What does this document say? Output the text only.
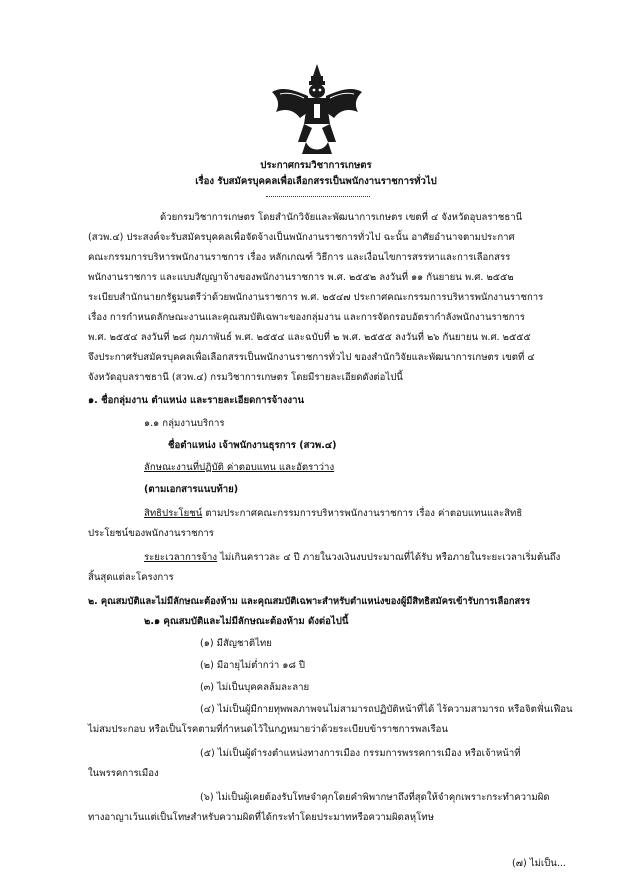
ประกาศกรมวิชาการเกษตร
เรื่อง รับสมัครบุคคลเพื่อเลือกสรรเป็นพนักงานราชการทั่วไป
ด้วยกรมวิชาการเกษตร โดยสำนักวิจัยและพัฒนาการเกษตร เขตที่ ๔ จังหวัดอุบลราชธานี
(สวพ.๔) ประสงค์จะรับสมัครบุคคลเพื่อจัดจ้างเป็นพนักงานราชการทั่วไป ฉะนั้น อาศัยอำนาจตามประกาศ
คณะกรรมการบริหารพนักงานราชการ เรื่อง หลักเกณฑ์ วิธีการ และเงื่อนไขการสรรหาและการเลือกสรร
พนักงานราชการ และแบบสัญญาจ้างของพนักงานราชการ พ.ศ. ๒๕๕๒ ลงวันที่ ๑๑ กันยายน พ.ศ. ๒๕๕๒
ระเบียบสำนักนายกรัฐมนตรีว่าด้วยพนักงานราชการ พ.ศ. ๒๕๔๗ ประกาศคณะกรรมการบริหารพนักงานราชการ
เรื่อง การกำหนดลักษณะงานและคุณสมบัติเฉพาะของกลุ่มงาน และการจัดกรอบอัตรากำลังพนักงานราชการ
พ.ศ. ๒๕๕๔ ลงวันที่ ๒๘ กุมภาพันธ์ พ.ศ. ๒๕๕๔ และฉบับที่ ๒ พ.ศ. ๒๕๕๕ ลงวันที่ ๒๖ กันยายน พ.ศ. ๒๕๕๕
จึงประกาศรับสมัครบุคคลเพื่อเลือกสรรเป็นพนักงานราชการทั่วไป ของสำนักวิจัยและพัฒนาการเกษตร เขตที่ ๔
จังหวัดอุบลราชธานี (สวพ.๔) กรมวิชาการเกษตร โดยมีรายละเอียดดังต่อไปนี้
๑. ชื่อกลุ่มงาน ตำแหน่ง และรายละเอียดการจ้างงาน
๑.๑ กลุ่มงานบริการ
ชื่อตำแหน่ง เจ้าพนักงานธุรการ (สวพ.๔)
ลักษณะงานที่ปฏิบัติ ค่าตอบแทน และอัตราว่าง
(ตามเอกสารแนบท้าย)
สิทธิประโยชน์ ตามประกาศคณะกรรมการบริหารพนักงานราชการ เรื่อง ค่าตอบแทนและสิทธิ
ประโยชน์ของพนักงานราชการ
ระยะเวลาการจ้าง ไม่เกินคราวละ ๔ ปี ภายในวงเงินงบประมาณที่ได้รับ หรือภายในระยะเวลาเริ่มต้นถึง
สิ้นสุดแต่ละโครงการ
๒. คุณสมบัติและไม่มีลักษณะต้องห้าม และคุณสมบัติเฉพาะสำหรับตำแหน่งของผู้มีสิทธิสมัครเข้ารับการเลือกสรร
๒.๑ คุณสมบัติและไม่มีลักษณะต้องห้าม ดังต่อไปนี้
(๑) มีสัญชาติไทย
(๒) มีอายุไม่ต่ำกว่า ๑๘ ปี
(๓) ไม่เป็นบุคคลล้มละลาย
(๔) ไม่เป็นผู้มีกายทุพพลภาพจนไม่สามารถปฏิบัติหน้าที่ได้ ไร้ความสามารถ หรือจิตฟั่นเฟือน
ไม่สมประกอบ หรือเป็นโรคตามที่กำหนดไว้ในกฎหมายว่าด้วยระเบียบข้าราชการพลเรือน
(๕) ไม่เป็นผู้ดำรงตำแหน่งทางการเมือง กรรมการพรรคการเมือง หรือเจ้าหน้าที่
ในพรรคการเมือง
(๖) ไม่เป็นผู้เคยต้องรับโทษจำคุกโดยคำพิพากษาถึงที่สุดให้จำคุกเพราะกระทำความผิด
ทางอาญาเว้นแต่เป็นโทษสำหรับความผิดที่ได้กระทำโดยประมาทหรือความผิดลหุโทษ
(๗) ไม่เป็น...
